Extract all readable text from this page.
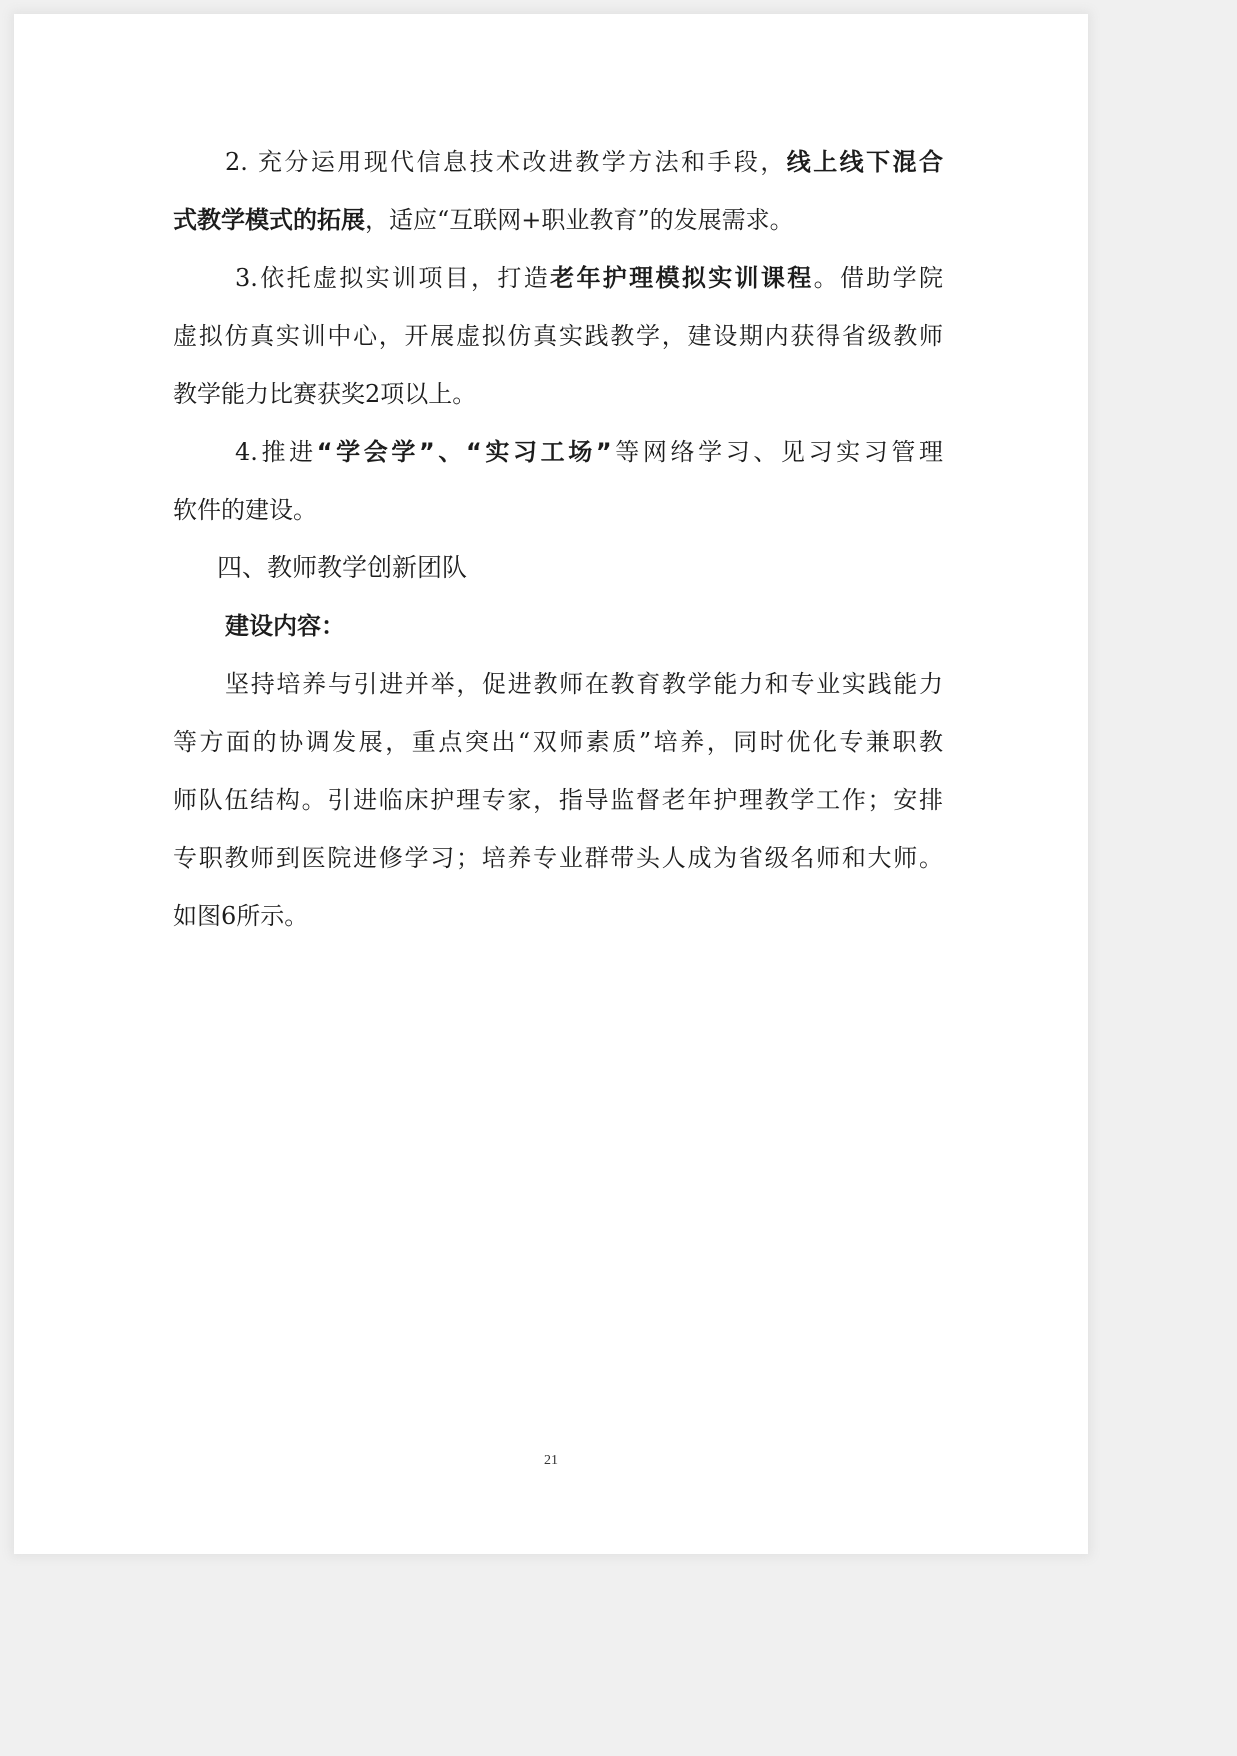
2. 充分运用现代信息技术改进教学方法和手段，线上线下混合

式教学模式的拓展，适应“互联网+职业教育”的发展需求。

3.依托虚拟实训项目，打造老年护理模拟实训课程。借助学院

虚拟仿真实训中心，开展虚拟仿真实践教学，建设期内获得省级教师

教学能力比赛获奖2项以上。

4.推进“学会学”、“实习工场”等网络学习、见习实习管理

软件的建设。

四、教师教学创新团队
建设内容：

坚持培养与引进并举，促进教师在教育教学能力和专业实践能力

等方面的协调发展，重点突出“双师素质”培养，同时优化专兼职教

师队伍结构。引进临床护理专家，指导监督老年护理教学工作；安排

专职教师到医院进修学习；培养专业群带头人成为省级名师和大师。

如图6所示。

21
